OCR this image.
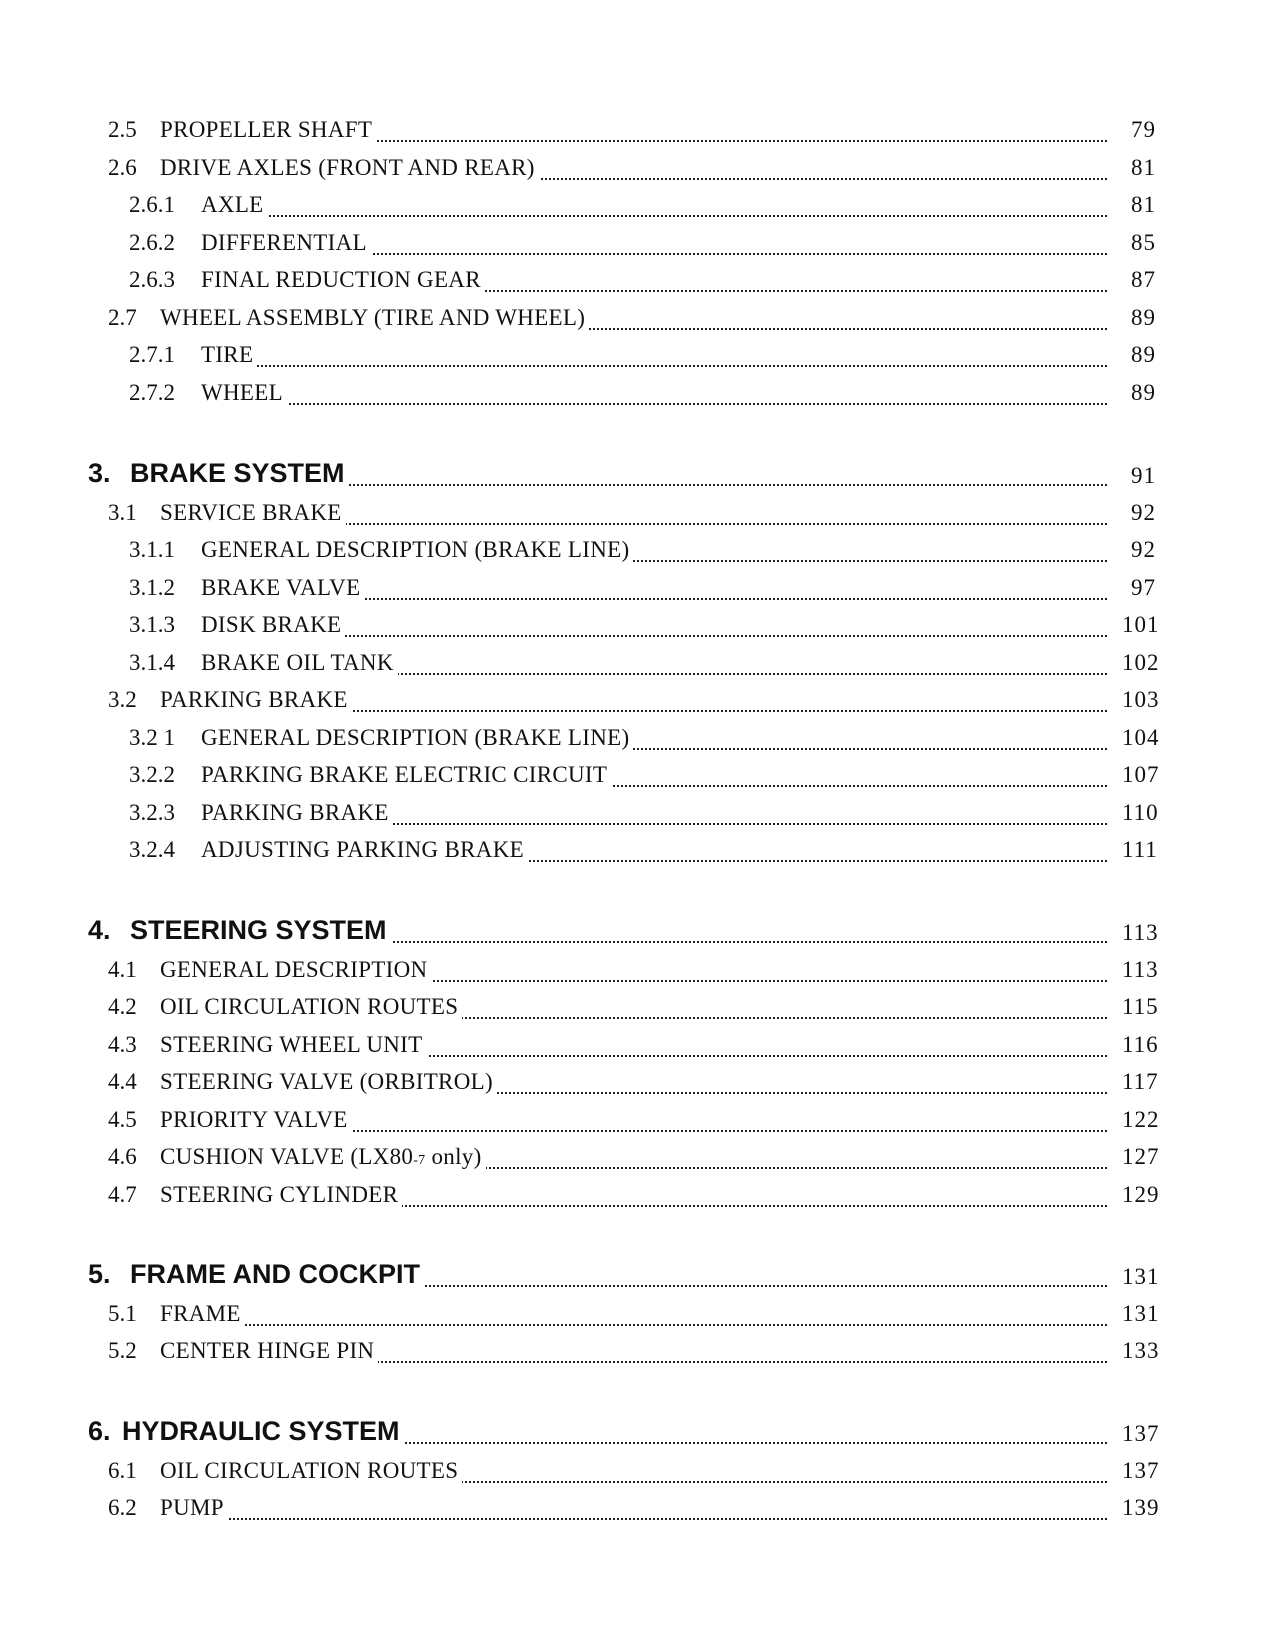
2.5 PROPELLER SHAFT	79
2.6 DRIVE AXLES (FRONT AND REAR)	81
2.6.1 AXLE	81
2.6.2 DIFFERENTIAL	85
2.6.3 FINAL REDUCTION GEAR	87
2.7 WHEEL ASSEMBLY (TIRE AND WHEEL)	89
2.7.1 TIRE	89
2.7.2 WHEEL	89
3. BRAKE SYSTEM	91
3.1 SERVICE BRAKE	92
3.1.1 GENERAL DESCRIPTION (BRAKE LINE)	92
3.1.2 BRAKE VALVE	97
3.1.3 DISK BRAKE	101
3.1.4 BRAKE OIL TANK	102
3.2 PARKING BRAKE	103
3.2 1 GENERAL DESCRIPTION (BRAKE LINE)	104
3.2.2 PARKING BRAKE ELECTRIC CIRCUIT	107
3.2.3 PARKING BRAKE	110
3.2.4 ADJUSTING PARKING BRAKE	111
4. STEERING SYSTEM	113
4.1 GENERAL DESCRIPTION	113
4.2 OIL CIRCULATION ROUTES	115
4.3 STEERING WHEEL UNIT	116
4.4 STEERING VALVE (ORBITROL)	117
4.5 PRIORITY VALVE	122
4.6 CUSHION VALVE (LX80-7 only)	127
4.7 STEERING CYLINDER	129
5. FRAME AND COCKPIT	131
5.1 FRAME	131
5.2 CENTER HINGE PIN	133
6. HYDRAULIC SYSTEM	137
6.1 OIL CIRCULATION ROUTES	137
6.2 PUMP	139
